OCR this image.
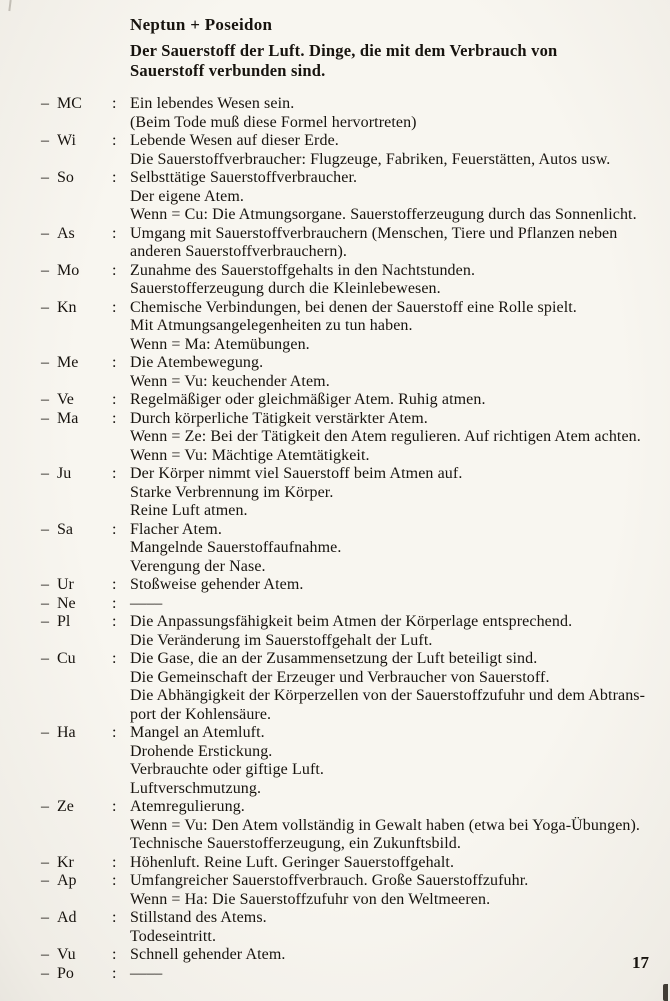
Neptun + Poseidon
Der Sauerstoff der Luft. Dinge, die mit dem Verbrauch von
Sauerstoff verbunden sind.
– MC : Ein lebendes Wesen sein.
(Beim Tode muß diese Formel hervortreten)
– Wi : Lebende Wesen auf dieser Erde.
Die Sauerstoffverbraucher: Flugzeuge, Fabriken, Feuerstätten, Autos usw.
– So : Selbsttätige Sauerstoffverbraucher.
Der eigene Atem.
Wenn = Cu: Die Atmungsorgane. Sauerstofferzeugung durch das Sonnenlicht.
– As : Umgang mit Sauerstoffverbrauchern (Menschen, Tiere und Pflanzen neben
anderen Sauerstoffverbrauchern).
– Mo : Zunahme des Sauerstoffgehalts in den Nachtstunden.
Sauerstofferzeugung durch die Kleinlebewesen.
– Kn : Chemische Verbindungen, bei denen der Sauerstoff eine Rolle spielt.
Mit Atmungsangelegenheiten zu tun haben.
Wenn = Ma: Atemübungen.
– Me : Die Atembewegung.
Wenn = Vu: keuchender Atem.
– Ve : Regelmäßiger oder gleichmäßiger Atem. Ruhig atmen.
– Ma : Durch körperliche Tätigkeit verstärkter Atem.
Wenn = Ze: Bei der Tätigkeit den Atem regulieren. Auf richtigen Atem achten.
Wenn = Vu: Mächtige Atemtätigkeit.
– Ju	: Der Körper nimmt viel Sauerstoff beim Atmen auf.
Starke Verbrennung im Körper.
Reine Luft atmen.
– Sa : Flacher Atem.
Mangelnde Sauerstoffaufnahme.
Verengung der Nase.
– Ur : Stoßweise gehender Atem.
– Ne : ––––
– Pl	: Die Anpassungsfähigkeit beim Atmen der Körperlage entsprechend.
Die Veränderung im Sauerstoffgehalt der Luft.
– Cu : Die Gase, die an der Zusammensetzung der Luft beteiligt sind.
Die Gemeinschaft der Erzeuger und Verbraucher von Sauerstoff.
Die Abhängigkeit der Körperzellen von der Sauerstoffzufuhr und dem Abtrans-
port der Kohlensäure.
– Ha : Mangel an Atemluft.
Drohende Erstickung.
Verbrauchte oder giftige Luft.
Luftverschmutzung.
– Ze : Atemregulierung.
Wenn = Vu: Den Atem vollständig in Gewalt haben (etwa bei Yoga-Übungen).
Technische Sauerstofferzeugung, ein Zukunftsbild.
– Kr : Höhenluft. Reine Luft. Geringer Sauerstoffgehalt.
– Ap : Umfangreicher Sauerstoffverbrauch. Große Sauerstoffzufuhr.
Wenn = Ha: Die Sauerstoffzufuhr von den Weltmeeren.
– Ad : Stillstand des Atems.
Todeseintritt.
– Vu : Schnell gehender Atem.
– Po : ––––
17
